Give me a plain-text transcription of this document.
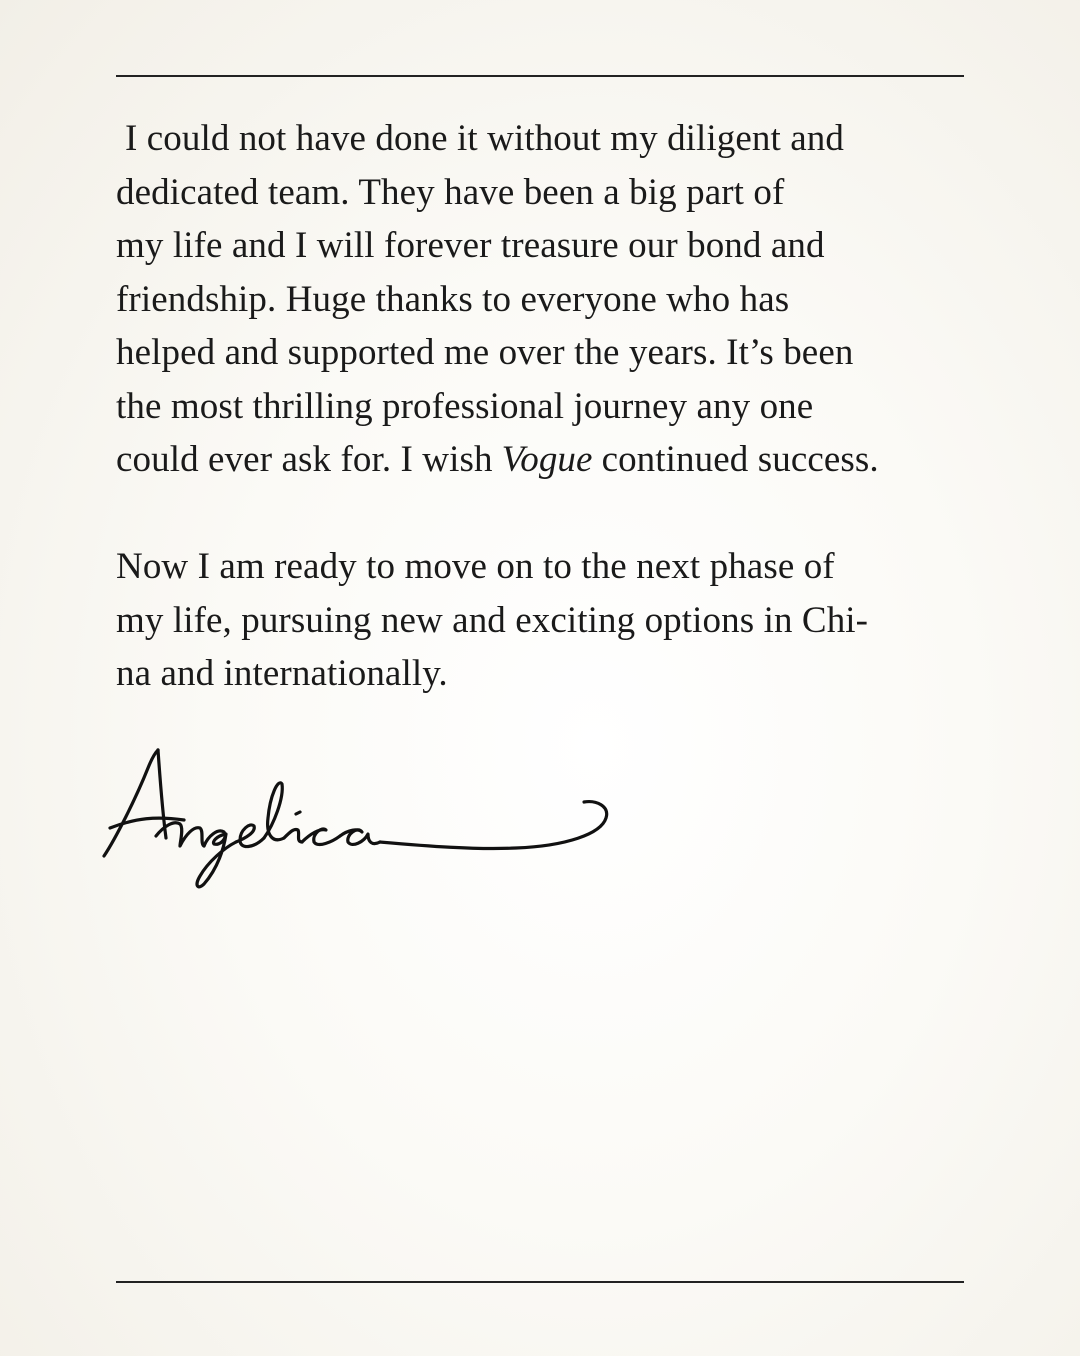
I could not have done it without my diligent and
dedicated team. They have been a big part of
my life and I will forever treasure our bond and
friendship. Huge thanks to everyone who has
helped and supported me over the years. It’s been
the most thrilling professional journey any one
could ever ask for. I wish Vogue continued success.
Now I am ready to move on to the next phase of
my life, pursuing new and exciting options in Chi-
na and internationally.
